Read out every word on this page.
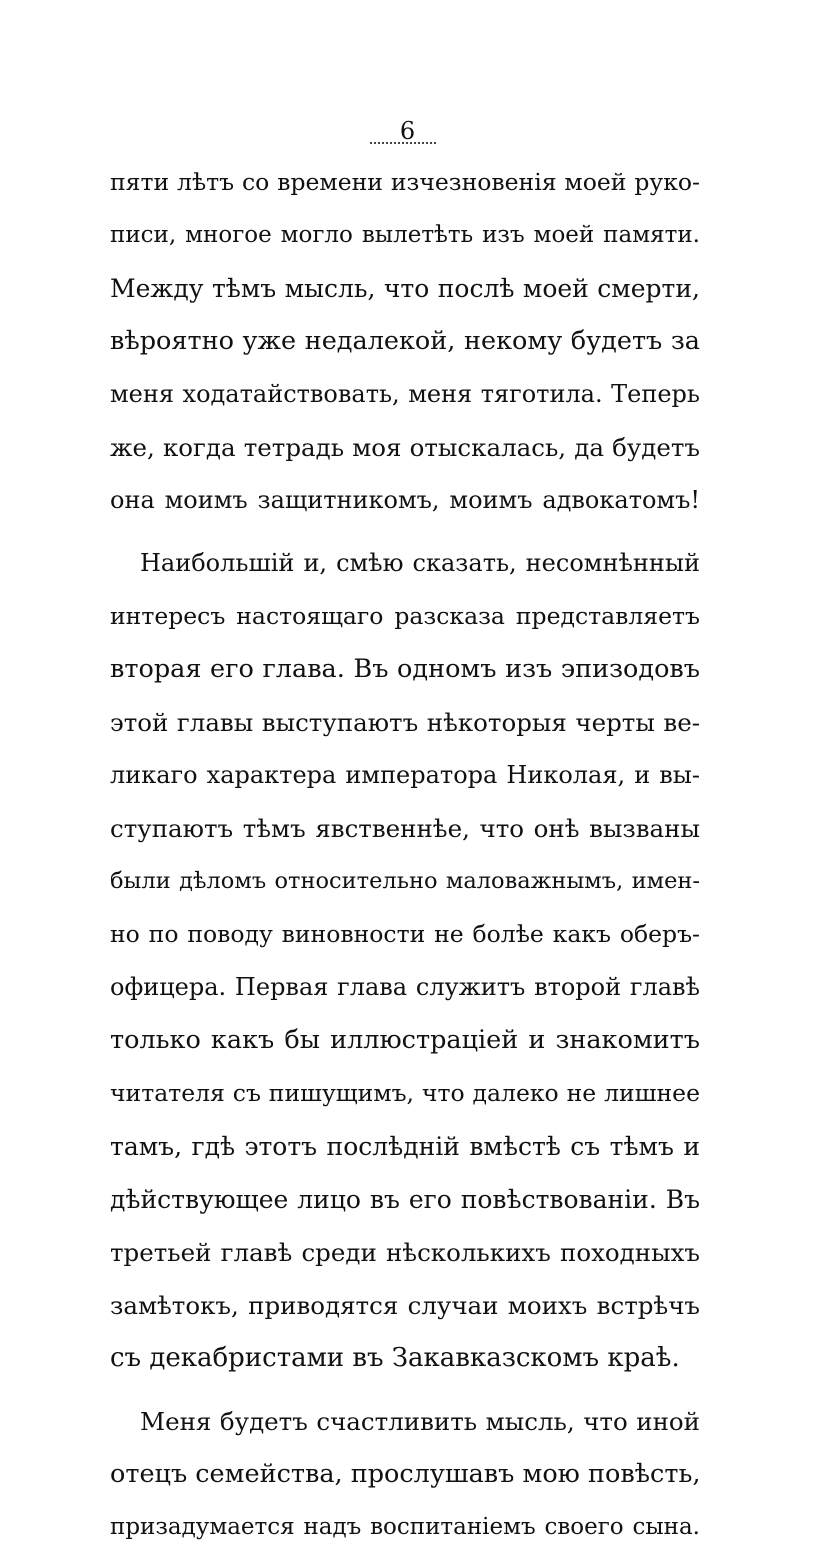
6
пяти лѣтъ со времени изчезновенія моей руко-
писи, многое могло вылетѣть изъ моей памяти.
Между тѣмъ мысль, что послѣ моей смерти,
вѣроятно уже недалекой, некому будетъ за
меня ходатайствовать, меня тяготила. Теперь
же, когда тетрадь моя отыскалась, да будетъ
она моимъ защитникомъ, моимъ адвокатомъ!
Наибольшій и, смѣю сказать, несомнѣнный
интересъ настоящаго разсказа представляетъ
вторая его глава. Въ одномъ изъ эпизодовъ
этой главы выступаютъ нѣкоторыя черты ве-
ликаго характера императора Николая, и вы-
ступаютъ тѣмъ явственнѣе, что онѣ вызваны
были дѣломъ относительно маловажнымъ, имен-
но по поводу виновности не болѣе какъ оберъ-
офицера. Первая глава служитъ второй главѣ
только какъ бы иллюстраціей и знакомитъ
читателя съ пишущимъ, что далеко не лишнее
тамъ, гдѣ этотъ послѣдній вмѣстѣ съ тѣмъ и
дѣйствующее лицо въ его повѣствованіи. Въ
третьей главѣ среди нѣсколькихъ походныхъ
замѣтокъ, приводятся случаи моихъ встрѣчъ
съ декабристами въ Закавказскомъ краѣ.
Меня будетъ счастливить мысль, что иной
отецъ семейства, прослушавъ мою повѣсть,
призадумается надъ воспитаніемъ своего сына.
